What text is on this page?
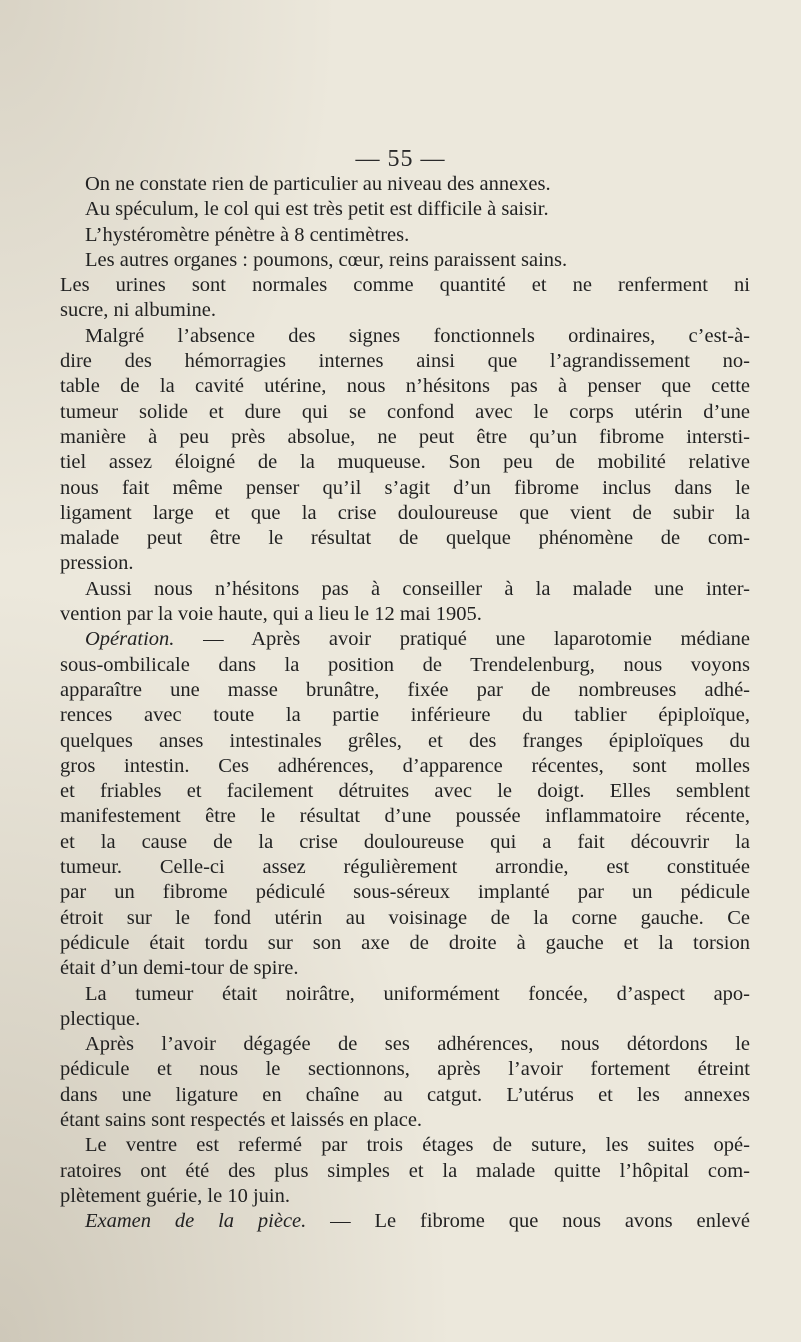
— 55 —

On ne constate rien de particulier au niveau des annexes.
Au spéculum, le col qui est très petit est difficile à saisir.
L’hystéromètre pénètre à 8 centimètres.
Les autres organes : poumons, cœur, reins paraissent sains.
Les urines sont normales comme quantité et ne renferment ni
sucre, ni albumine.
Malgré l’absence des signes fonctionnels ordinaires, c’est-à-
dire des hémorragies internes ainsi que l’agrandissement no-
table de la cavité utérine, nous n’hésitons pas à penser que cette
tumeur solide et dure qui se confond avec le corps utérin d’une
manière à peu près absolue, ne peut être qu’un fibrome intersti-
tiel assez éloigné de la muqueuse. Son peu de mobilité relative
nous fait même penser qu’il s’agit d’un fibrome inclus dans le
ligament large et que la crise douloureuse que vient de subir la
malade peut être le résultat de quelque phénomène de com-
pression.
Aussi nous n’hésitons pas à conseiller à la malade une inter-
vention par la voie haute, qui a lieu le 12 mai 1905.
Opération. — Après avoir pratiqué une laparotomie médiane
sous-ombilicale dans la position de Trendelenburg, nous voyons
apparaître une masse brunâtre, fixée par de nombreuses adhé-
rences avec toute la partie inférieure du tablier épiploïque,
quelques anses intestinales grêles, et des franges épiploïques du
gros intestin. Ces adhérences, d’apparence récentes, sont molles
et friables et facilement détruites avec le doigt. Elles semblent
manifestement être le résultat d’une poussée inflammatoire récente,
et la cause de la crise douloureuse qui a fait découvrir la
tumeur. Celle-ci assez régulièrement arrondie, est constituée
par un fibrome pédiculé sous-séreux implanté par un pédicule
étroit sur le fond utérin au voisinage de la corne gauche. Ce
pédicule était tordu sur son axe de droite à gauche et la torsion
était d’un demi-tour de spire.
La tumeur était noirâtre, uniformément foncée, d’aspect apo-
plectique.
Après l’avoir dégagée de ses adhérences, nous détordons le
pédicule et nous le sectionnons, après l’avoir fortement étreint
dans une ligature en chaîne au catgut. L’utérus et les annexes
étant sains sont respectés et laissés en place.
Le ventre est refermé par trois étages de suture, les suites opé-
ratoires ont été des plus simples et la malade quitte l’hôpital com-
plètement guérie, le 10 juin.
Examen de la pièce. — Le fibrome que nous avons enlevé
